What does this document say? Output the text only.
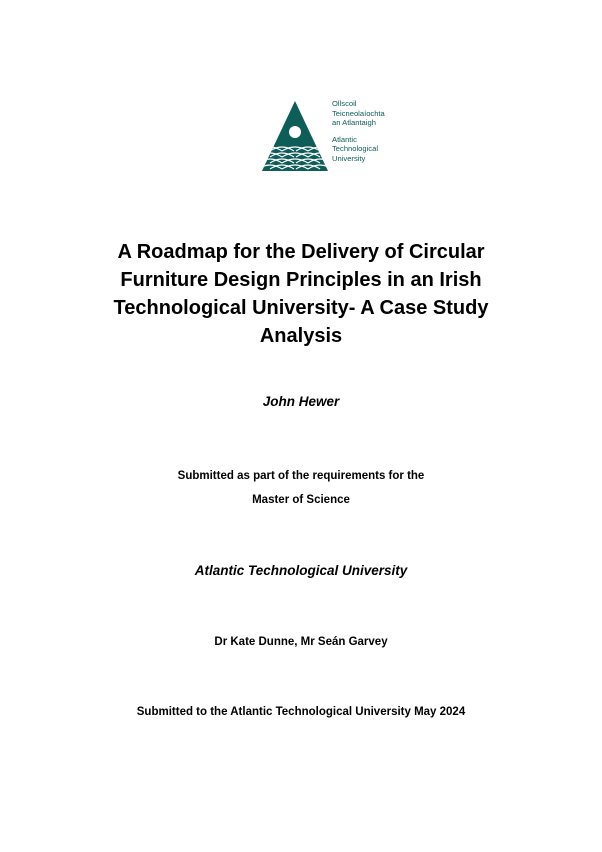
Ollscoil
Teicneolaíochta
an Atlantaigh
Atlantic
Technological
University
A Roadmap for the Delivery of Circular
Furniture Design Principles in an Irish
Technological University- A Case Study
Analysis
John Hewer
Submitted as part of the requirements for the
Master of Science
Atlantic Technological University
Dr Kate Dunne, Mr Seán Garvey
Submitted to the Atlantic Technological University May 2024
